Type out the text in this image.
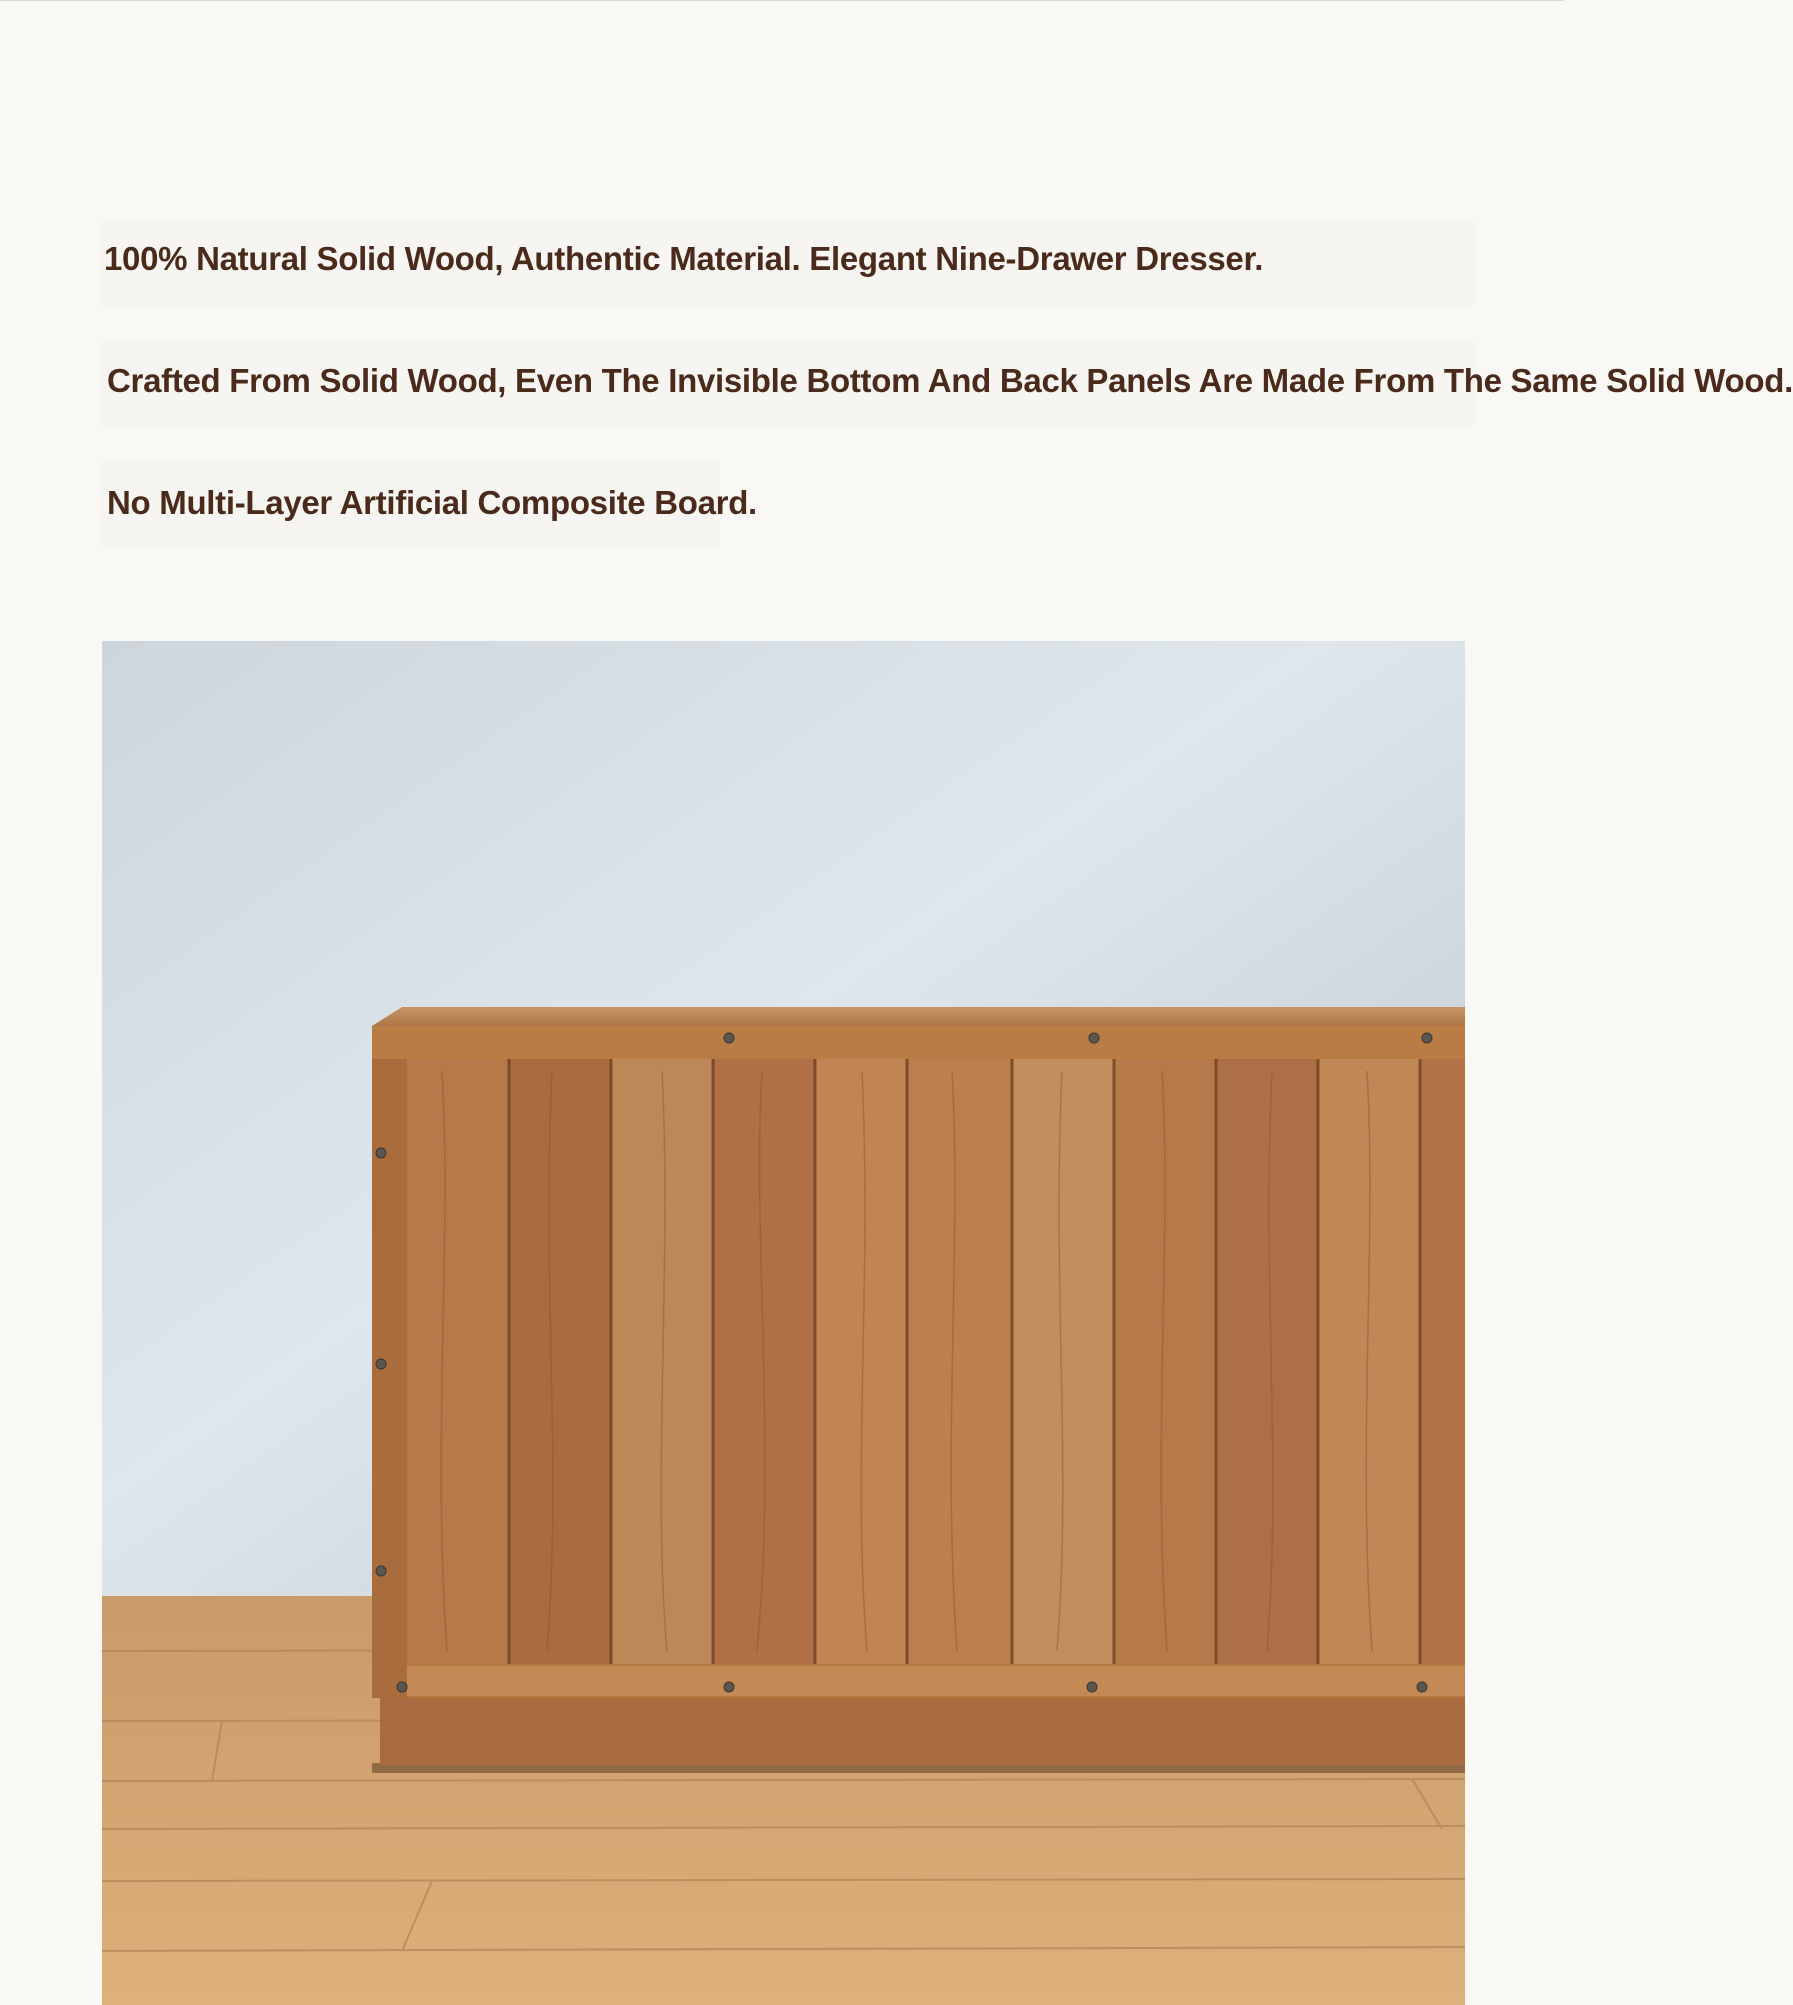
100% Natural Solid Wood, Authentic Material. Elegant Nine-Drawer Dresser.
Crafted From Solid Wood, Even The Invisible Bottom And Back Panels Are Made From The Same Solid Wood.
No Multi-Layer Artificial Composite Board.
